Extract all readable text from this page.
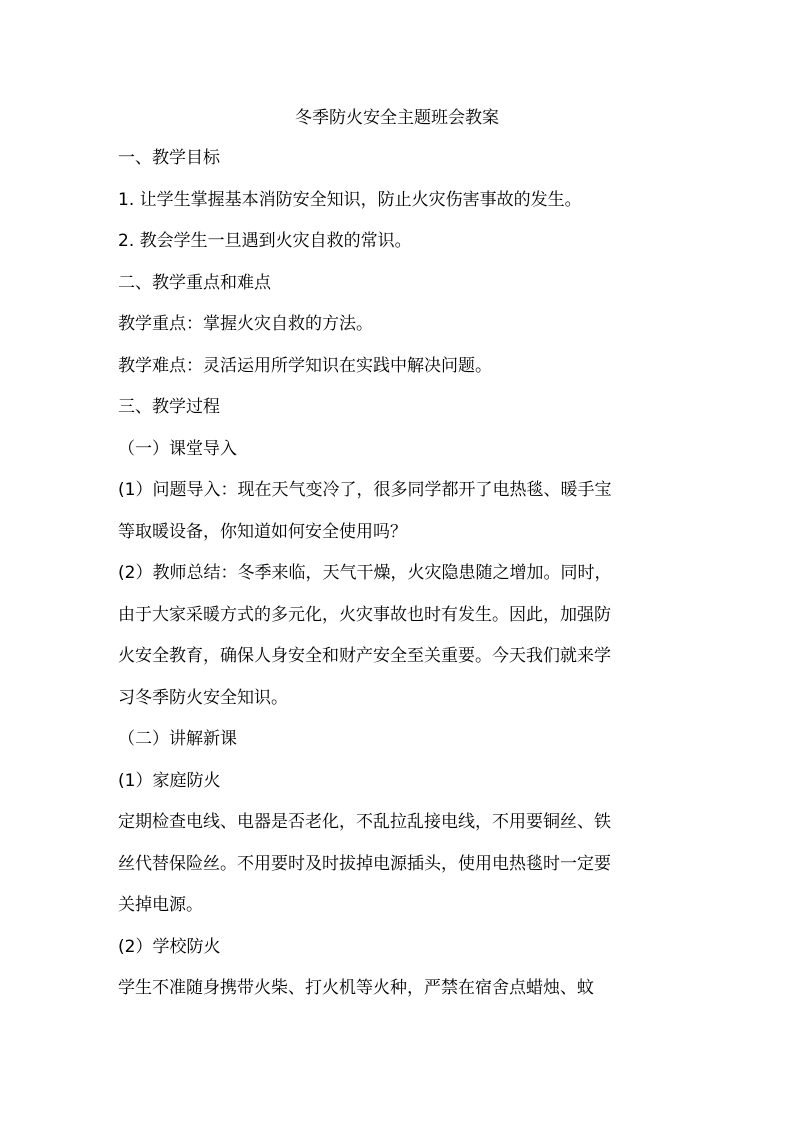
冬季防火安全主题班会教案
一、教学目标
1. 让学生掌握基本消防安全知识，防止火灾伤害事故的发生。
2. 教会学生一旦遇到火灾自救的常识。
二、教学重点和难点
教学重点：掌握火灾自救的方法。
教学难点：灵活运用所学知识在实践中解决问题。
三、教学过程
（一）课堂导入
(1）问题导入：现在天气变冷了，很多同学都开了电热毯、暖手宝
等取暖设备，你知道如何安全使用吗？
(2）教师总结：冬季来临，天气干燥，火灾隐患随之增加。同时，
由于大家采暖方式的多元化，火灾事故也时有发生。因此，加强防
火安全教育，确保人身安全和财产安全至关重要。今天我们就来学
习冬季防火安全知识。
（二）讲解新课
(1）家庭防火
定期检查电线、电器是否老化，不乱拉乱接电线，不用要铜丝、铁
丝代替保险丝。不用要时及时拔掉电源插头，使用电热毯时一定要
关掉电源。
(2）学校防火
学生不准随身携带火柴、打火机等火种，严禁在宿舍点蜡烛、蚊
